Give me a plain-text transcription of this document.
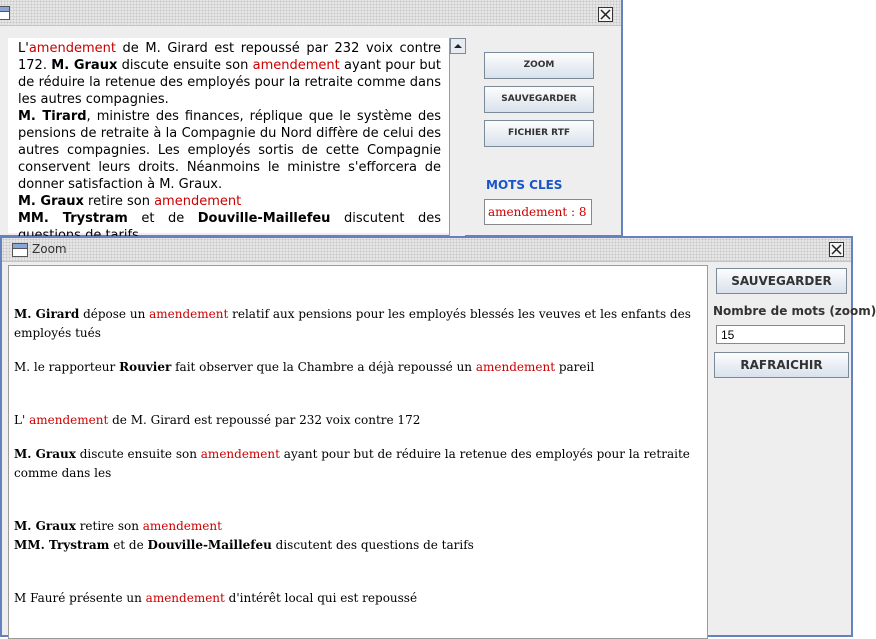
L'amendement de M. Girard est repoussé par 232 voix contre 172. M. Graux discute ensuite son amendement ayant pour but de réduire la retenue des employés pour la retraite comme dans les autres compagnies.

M. Tirard, ministre des finances, réplique que le système des pensions de retraite à la Compagnie du Nord diffère de celui des autres compagnies. Les employés sortis de cette Compagnie conservent leurs droits. Néanmoins le ministre s'efforcera de donner satisfaction à M. Graux.

M. Graux retire son amendement

MM. Trystram et de Douville-Maillefeu discutent des

ZOOM
SAUVEGARDER
FICHIER RTF
MOTS CLES
amendement : 8
Zoom
M. Girard dépose un amendement relatif aux pensions pour les employés blessés les veuves et les enfants des employés tués
M. le rapporteur Rouvier fait observer que la Chambre a déjà repoussé un amendement pareil
L' amendement de M. Girard est repoussé par 232 voix contre 172
M. Graux discute ensuite son amendement ayant pour but de réduire la retenue des employés pour la retraite comme dans les
M. Graux retire son amendement
MM. Trystram et de Douville-Maillefeu discutent des questions de tarifs
M Fauré présente un amendement d'intérêt local qui est repoussé
SAUVEGARDER
Nombre de mots (zoom)
15
RAFRAICHIR
